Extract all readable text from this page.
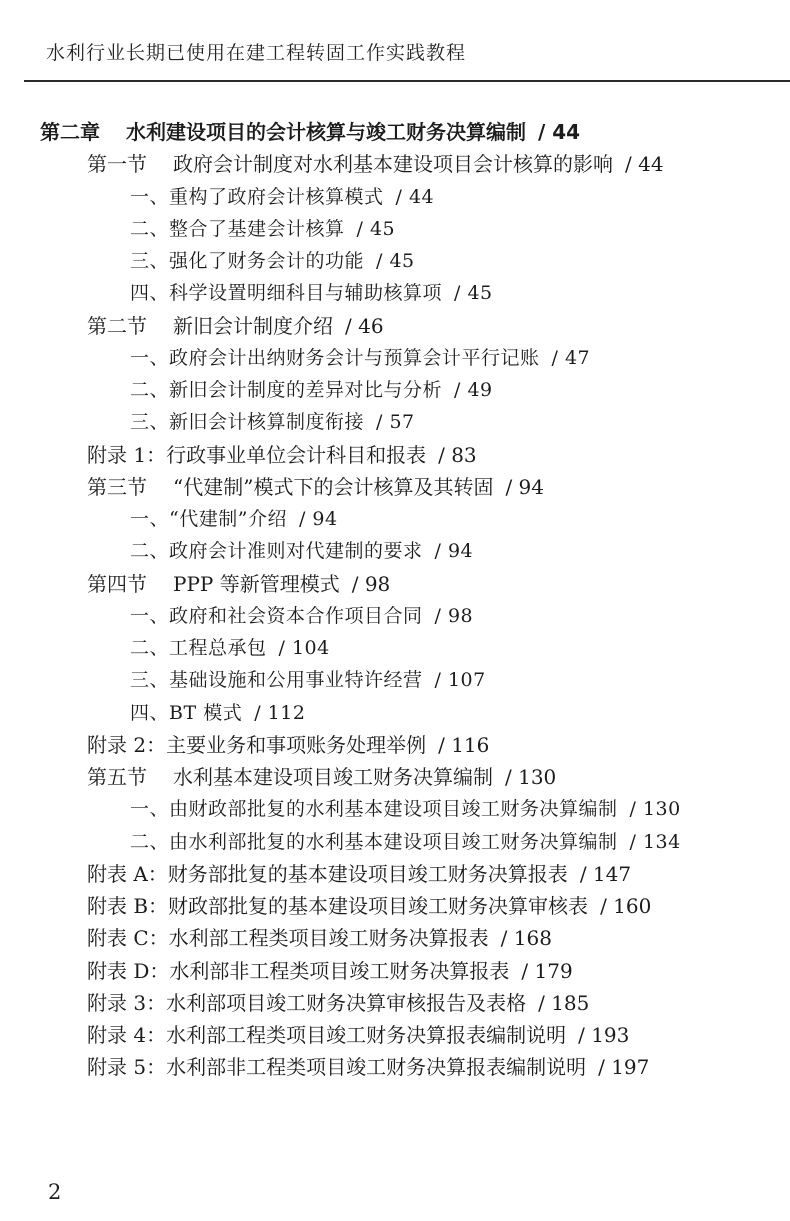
水利行业长期已使用在建工程转固工作实践教程
第二章 水利建设项目的会计核算与竣工财务决算编制 / 44
第一节 政府会计制度对水利基本建设项目会计核算的影响 / 44
一、重构了政府会计核算模式 / 44
二、整合了基建会计核算 / 45
三、强化了财务会计的功能 / 45
四、科学设置明细科目与辅助核算项 / 45
第二节 新旧会计制度介绍 / 46
一、政府会计出纳财务会计与预算会计平行记账 / 47
二、新旧会计制度的差异对比与分析 / 49
三、新旧会计核算制度衔接 / 57
附录 1：行政事业单位会计科目和报表 / 83
第三节 “代建制”模式下的会计核算及其转固 / 94
一、“代建制”介绍 / 94
二、政府会计准则对代建制的要求 / 94
第四节 PPP 等新管理模式 / 98
一、政府和社会资本合作项目合同 / 98
二、工程总承包 / 104
三、基础设施和公用事业特许经营 / 107
四、BT 模式 / 112
附录 2：主要业务和事项账务处理举例 / 116
第五节 水利基本建设项目竣工财务决算编制 / 130
一、由财政部批复的水利基本建设项目竣工财务决算编制 / 130
二、由水利部批复的水利基本建设项目竣工财务决算编制 / 134
附表 A：财务部批复的基本建设项目竣工财务决算报表 / 147
附表 B：财政部批复的基本建设项目竣工财务决算审核表 / 160
附表 C：水利部工程类项目竣工财务决算报表 / 168
附表 D：水利部非工程类项目竣工财务决算报表 / 179
附录 3：水利部项目竣工财务决算审核报告及表格 / 185
附录 4：水利部工程类项目竣工财务决算报表编制说明 / 193
附录 5：水利部非工程类项目竣工财务决算报表编制说明 / 197
2
